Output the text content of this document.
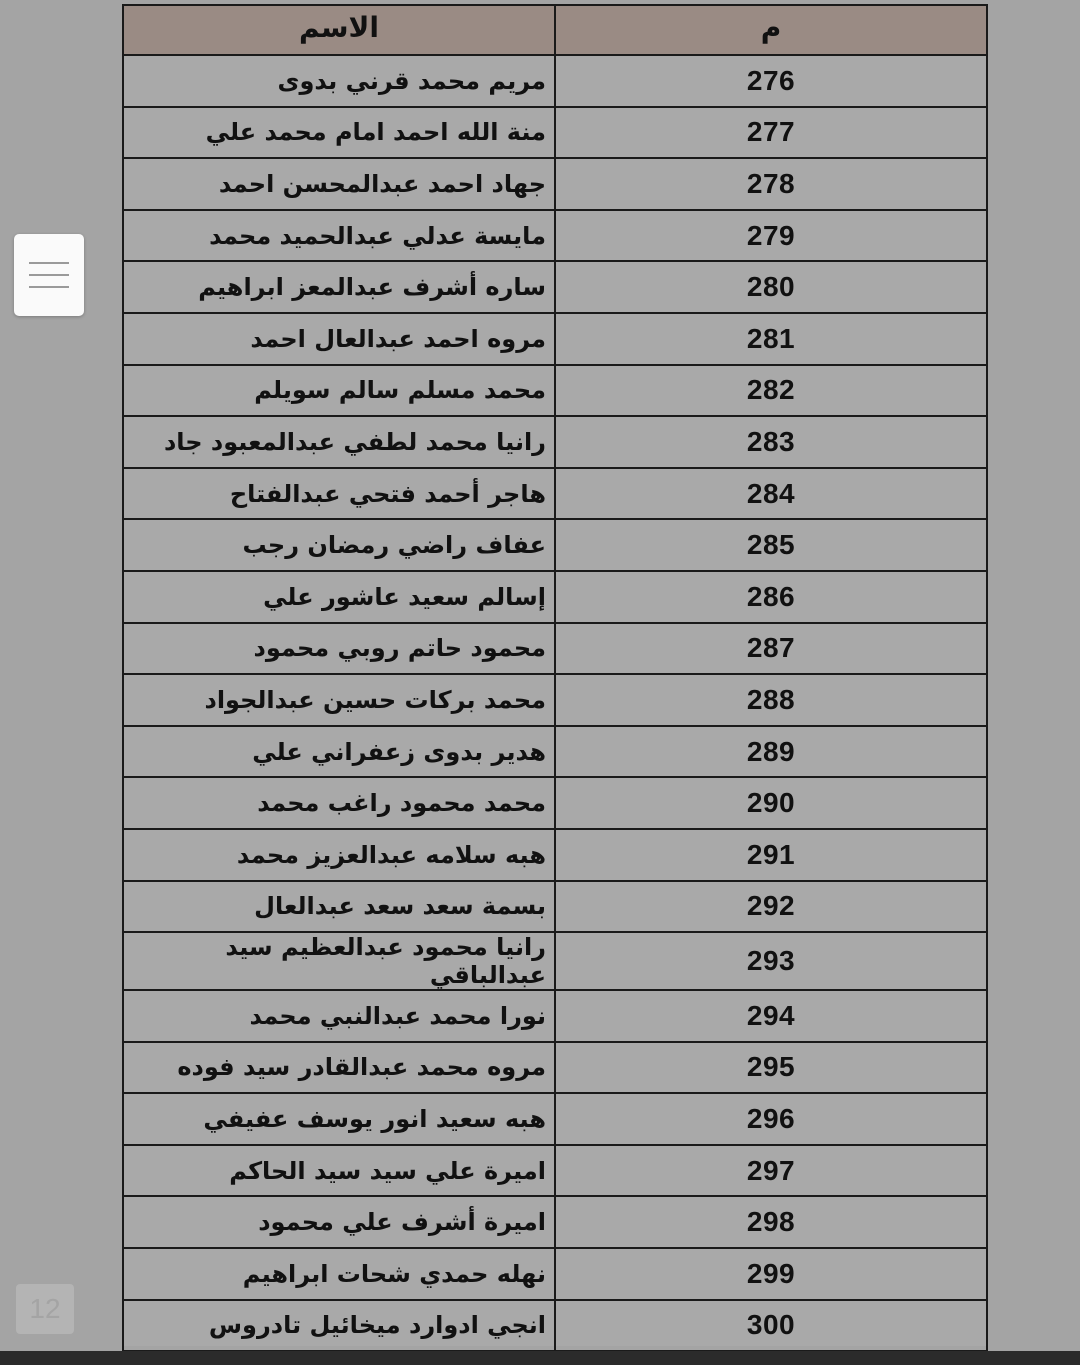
م	الاسم
276	مريم محمد قرني بدوى
277	منة الله احمد امام محمد علي
278	جهاد احمد عبدالمحسن احمد
279	مايسة عدلي عبدالحميد محمد
280	ساره أشرف عبدالمعز ابراهيم
281	مروه احمد عبدالعال احمد
282	محمد مسلم سالم سويلم
283	رانيا محمد لطفي عبدالمعبود جاد
284	هاجر أحمد فتحي عبدالفتاح
285	عفاف راضي رمضان رجب
286	إسالم سعيد عاشور علي
287	محمود حاتم روبي محمود
288	محمد بركات حسين عبدالجواد
289	هدير بدوى زعفراني علي
290	محمد محمود راغب محمد
291	هبه سلامه عبدالعزيز محمد
292	بسمة سعد سعد عبدالعال
293	رانيا محمود عبدالعظيم سيد عبدالباقي
294	نورا محمد عبدالنبي محمد
295	مروه محمد عبدالقادر سيد فوده
296	هبه سعيد انور يوسف عفيفي
297	اميرة علي سيد سيد الحاكم
298	اميرة أشرف علي محمود
299	نهله حمدي شحات ابراهيم
300	انجي ادوارد ميخائيل تادروس
12
